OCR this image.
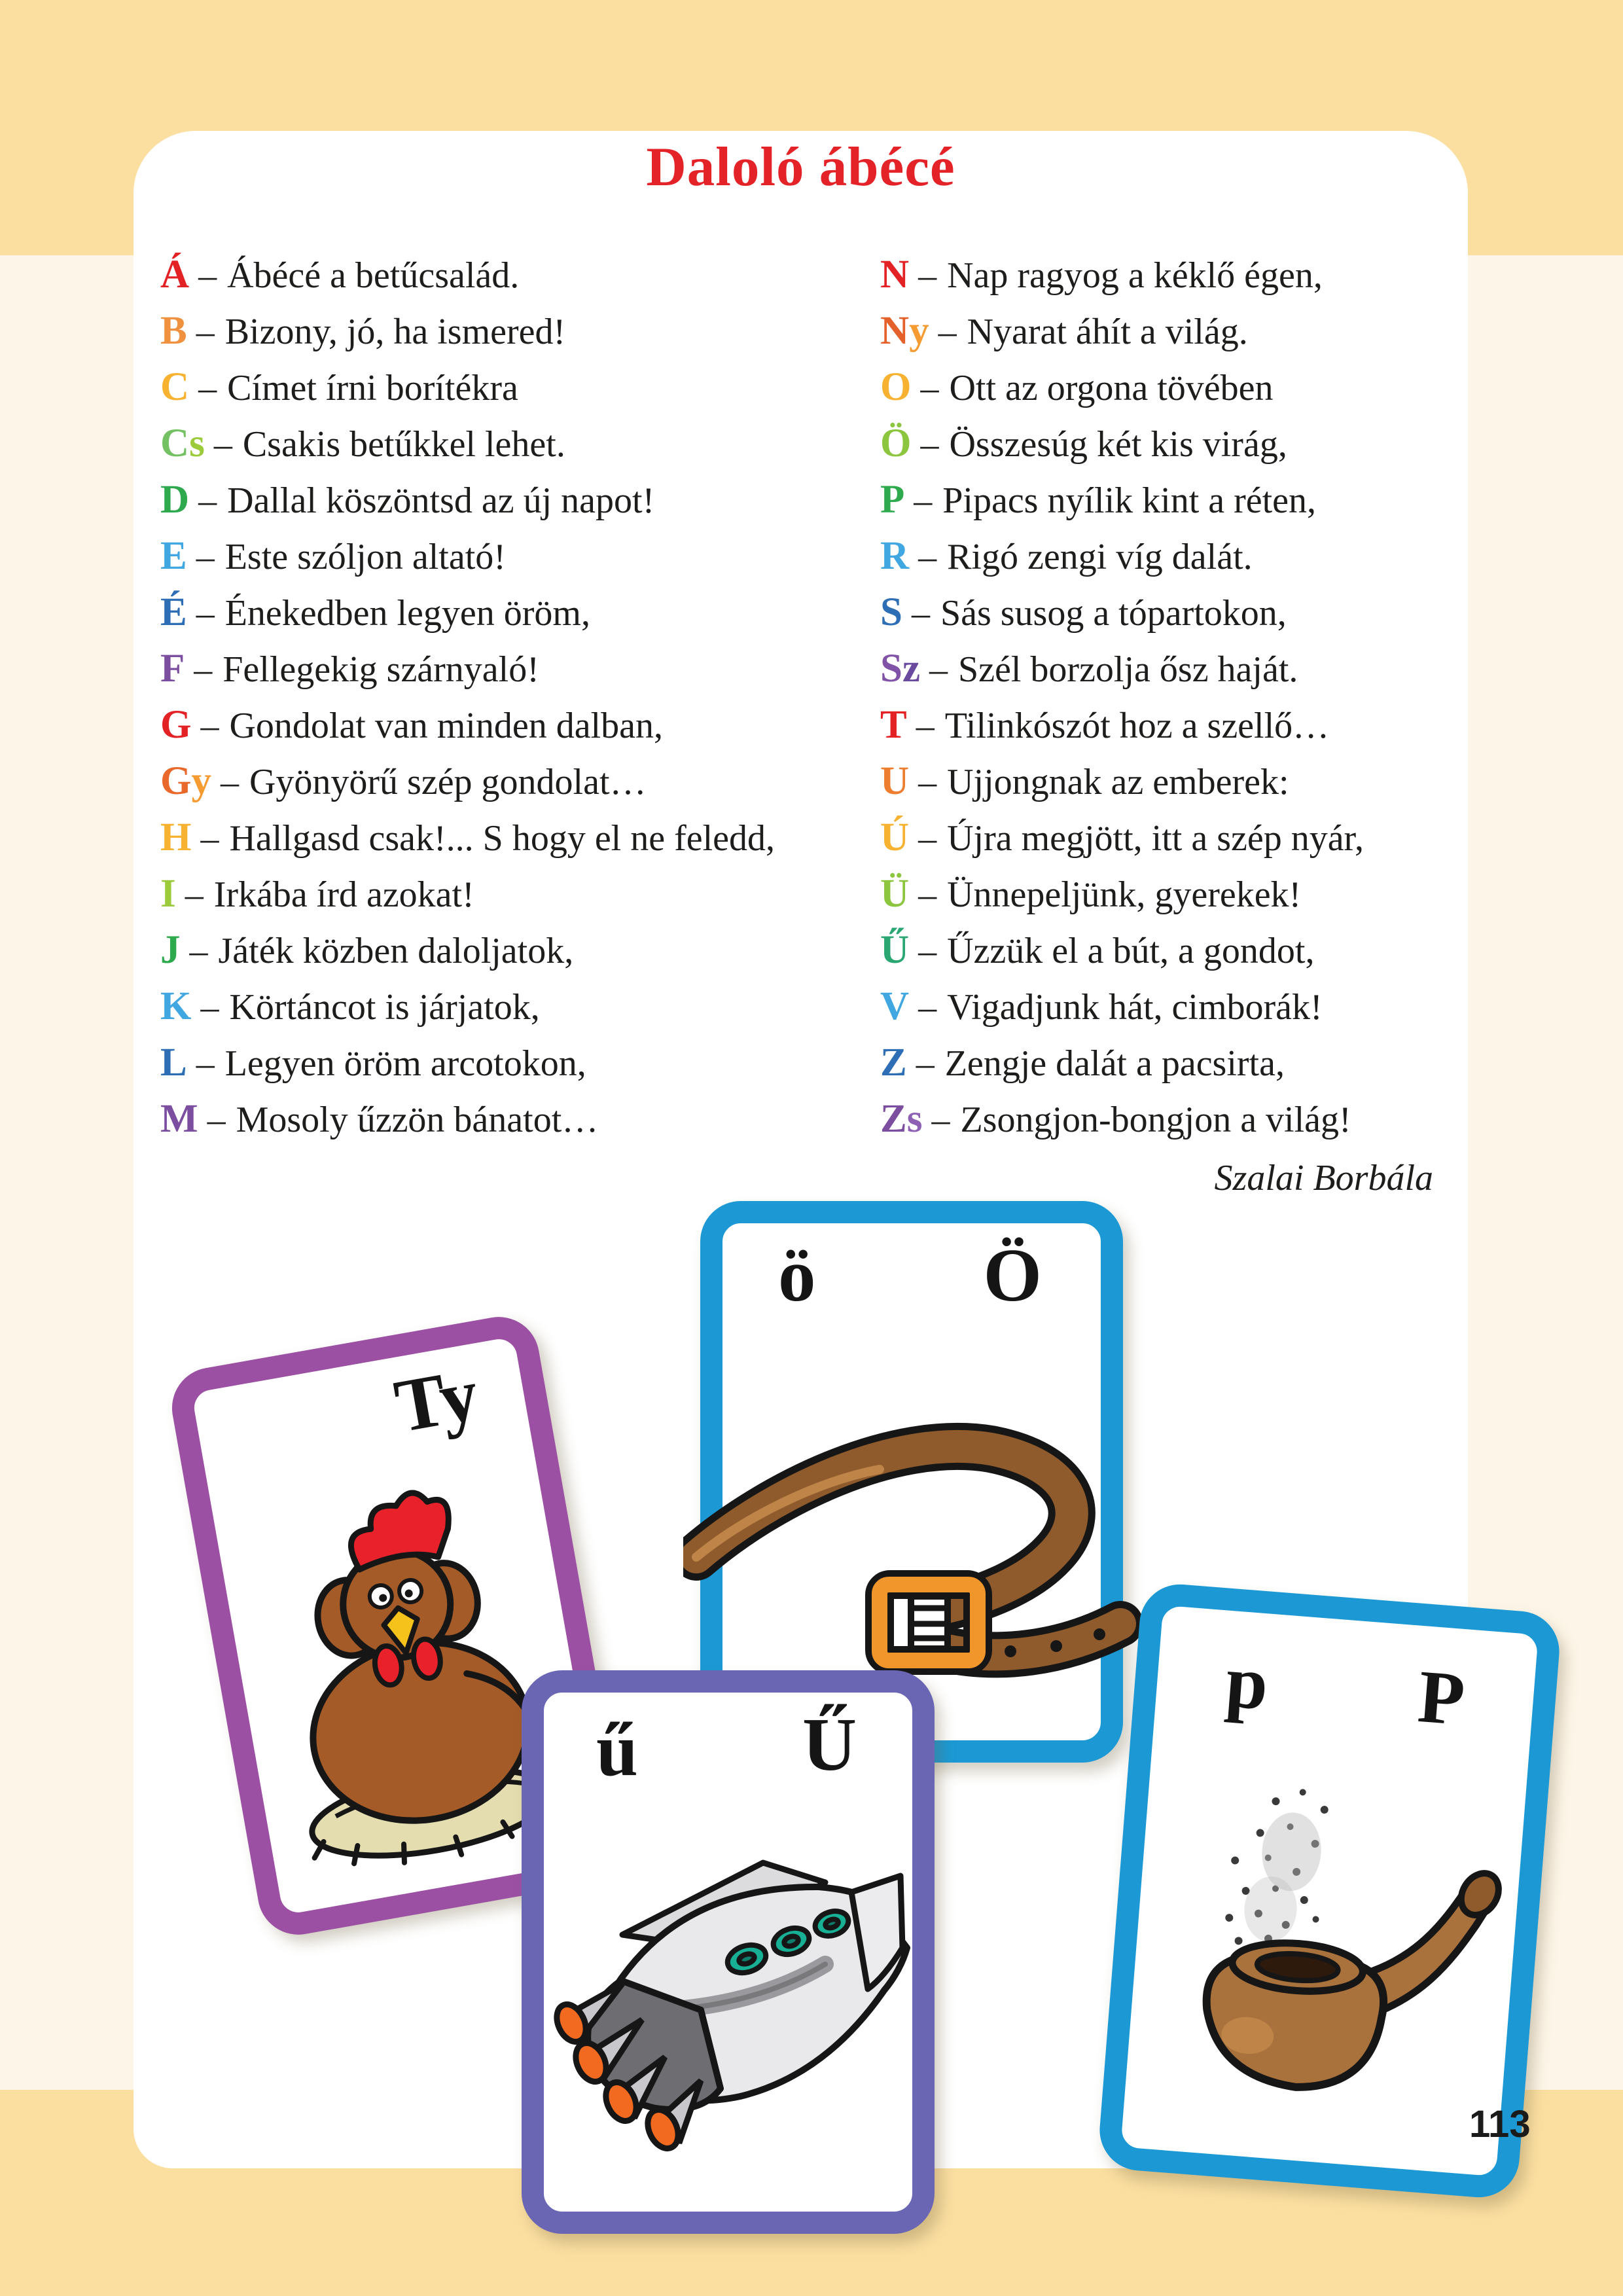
Daloló ábécé
Á – Ábécé a betűcsalád.
B – Bizony, jó, ha ismered!
C – Címet írni borítékra
Cs – Csakis betűkkel lehet.
D – Dallal köszöntsd az új napot!
E – Este szóljon altató!
É – Énekedben legyen öröm,
F – Fellegekig szárnyaló!
G – Gondolat van minden dalban,
Gy – Gyönyörű szép gondolat…
H – Hallgasd csak!... S hogy el ne feledd,
I – Irkába írd azokat!
J – Játék közben daloljatok,
K – Körtáncot is járjatok,
L – Legyen öröm arcotokon,
M – Mosoly űzzön bánatot…
N – Nap ragyog a kéklő égen,
Ny – Nyarat áhít a világ.
O – Ott az orgona tövében
Ö – Összesúg két kis virág,
P – Pipacs nyílik kint a réten,
R – Rigó zengi víg dalát.
S – Sás susog a tópartokon,
Sz – Szél borzolja ősz haját.
T – Tilinkószót hoz a szellő…
U – Ujjongnak az emberek:
Ú – Újra megjött, itt a szép nyár,
Ü – Ünnepeljünk, gyerekek!
Ű – Űzzük el a bút, a gondot,
V – Vigadjunk hát, cimborák!
Z – Zengje dalát a pacsirta,
Zs – Zsongjon-bongjon a világ!
Szalai Borbála
Ty
ö Ö
ű Ű
p P
113
